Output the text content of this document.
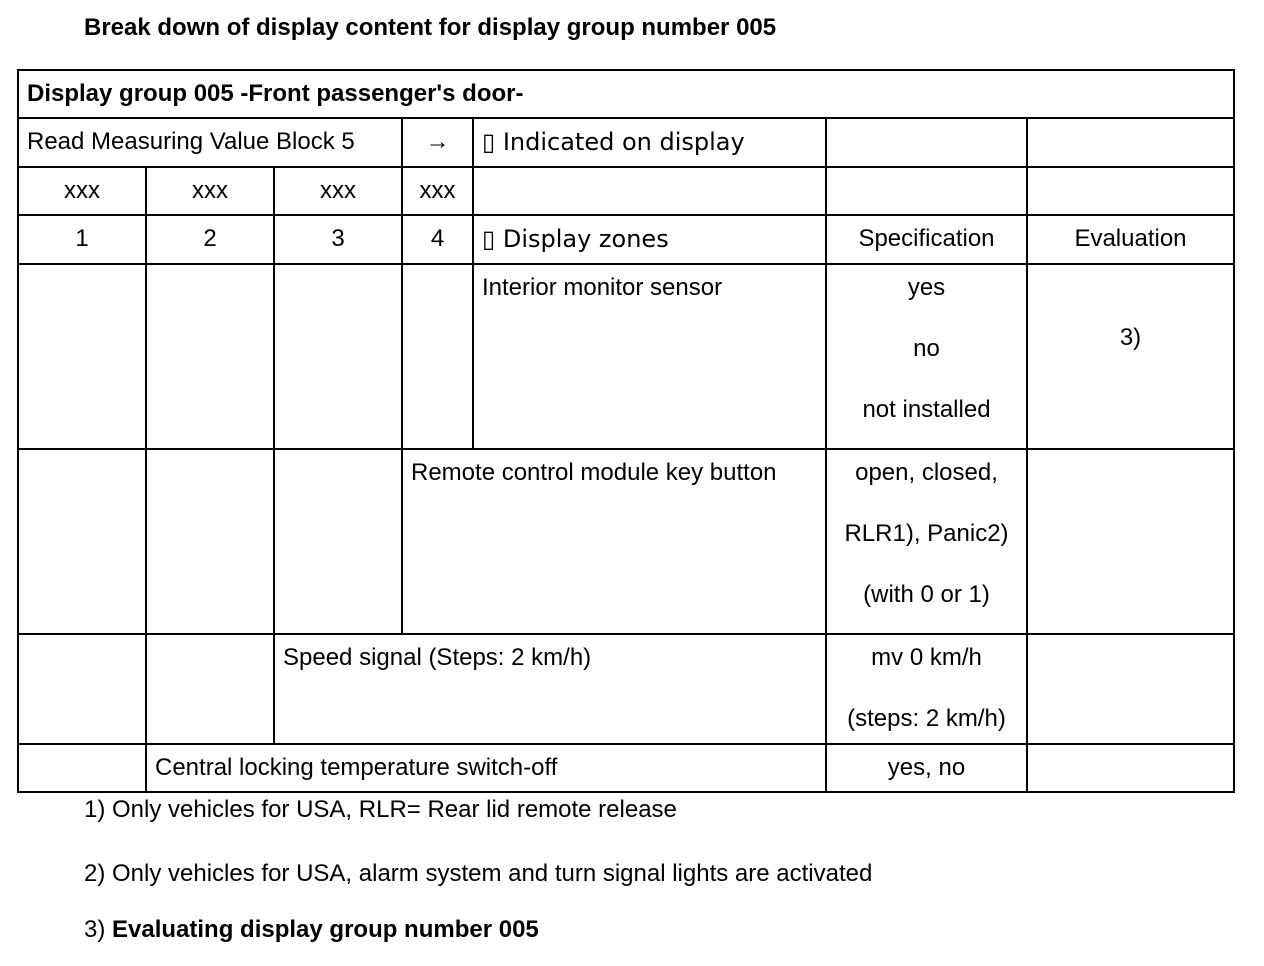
Break down of display content for display group number 005
Display group 005 -Front passenger's door-						
Read Measuring Value Block 5			→	▯ Indicated on display		
xxx	xxx	xxx	xxx			
1	2	3	4	▯ Display zones	Specification	Evaluation
				Interior monitor sensor	yes
no
not installed	3)

			Remote control module key button		open, closed,
RLR1), Panic2)
(with 0 or 1)	

		Speed signal (Steps: 2 km/h)			mv 0 km/h
(steps: 2 km/h)	

	Central locking temperature switch-off				yes, no	
1) Only vehicles for USA, RLR= Rear lid remote release
2) Only vehicles for USA, alarm system and turn signal lights are activated
3) Evaluating display group number 005
